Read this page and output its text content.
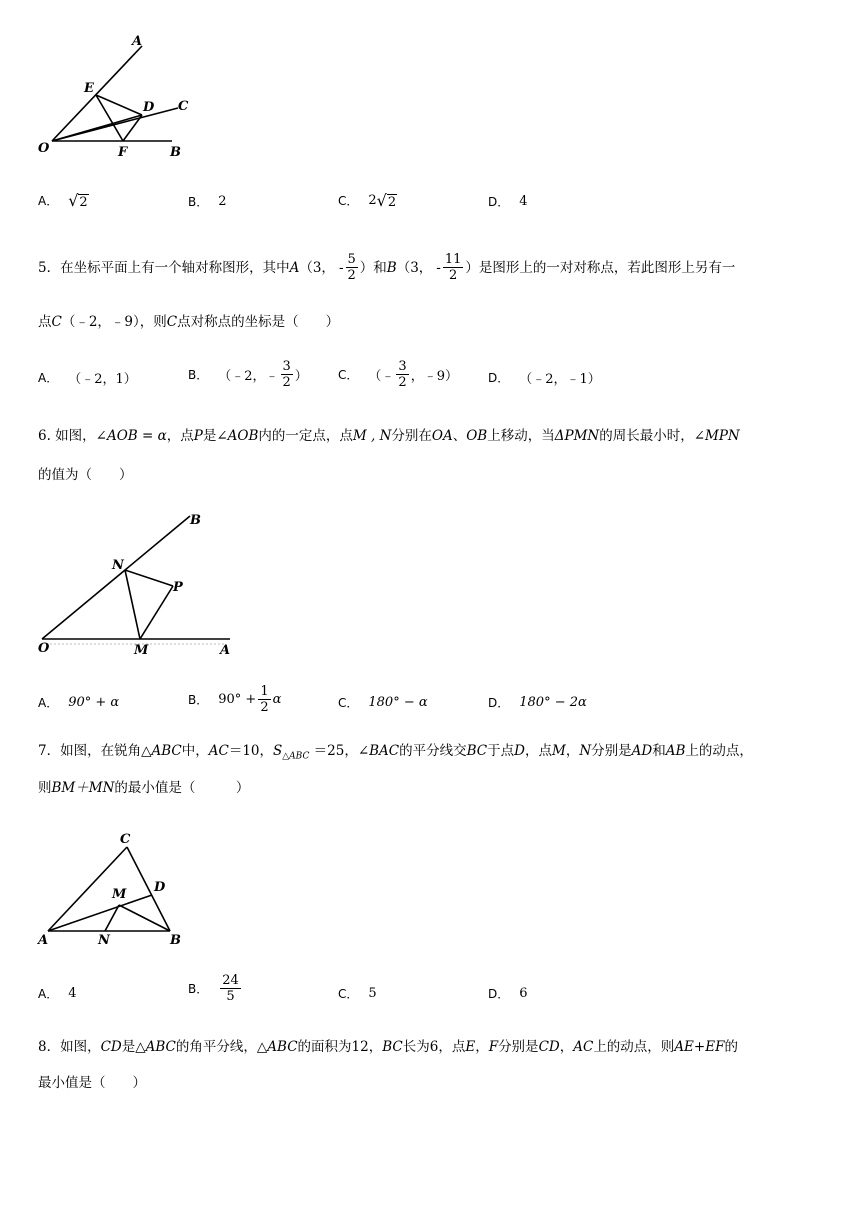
A
E
D C
O	F	B
A． √ 2	B． 2	C． 2 √ 2	D． 4
5．在坐标平面上有一个轴对称图形，其中 A （3， - $\frac{5}{2}$ ）和 B （3， - $\frac{11}{2}$ ）是图形上的一对对称点，若此图形上另有一
点C（﹣2，﹣9），则C点对称点的坐标是（　　）
A． （﹣2，1）	B． （﹣2，﹣ $\frac{3}{2}$ ）	C． （﹣ $\frac{3}{2}$ ，﹣9）	D． （﹣2，﹣1）
6. 如图，∠AOB = α，点P是∠AOB内的一定点，点M , N分别在OA、OB上移动，当ΔPMN的周长最小时，∠MPN
的值为（　　）
B
N
P
O	M	A
A． 90° + α	B． $90^\circ + \frac{1}{2}$ α	C． 180° − α	D． 180° − 2α
7．如图，在锐角△ABC中，AC＝10，$S_{\triangle ABC} =25$，∠BAC的平分线交BC于点D，点M，N分别是AD和AB上的动点，
则BM＋MN的最小值是（　　　）
C
M D
A	N	B
A． 4	B． $\frac{24}{5}$	C． 5	D． 6
8．如图，CD是△ABC的角平分线，△ABC的面积为12，BC长为6，点E，F分别是CD，AC上的动点，则AE+EF的
最小值是（　　）
